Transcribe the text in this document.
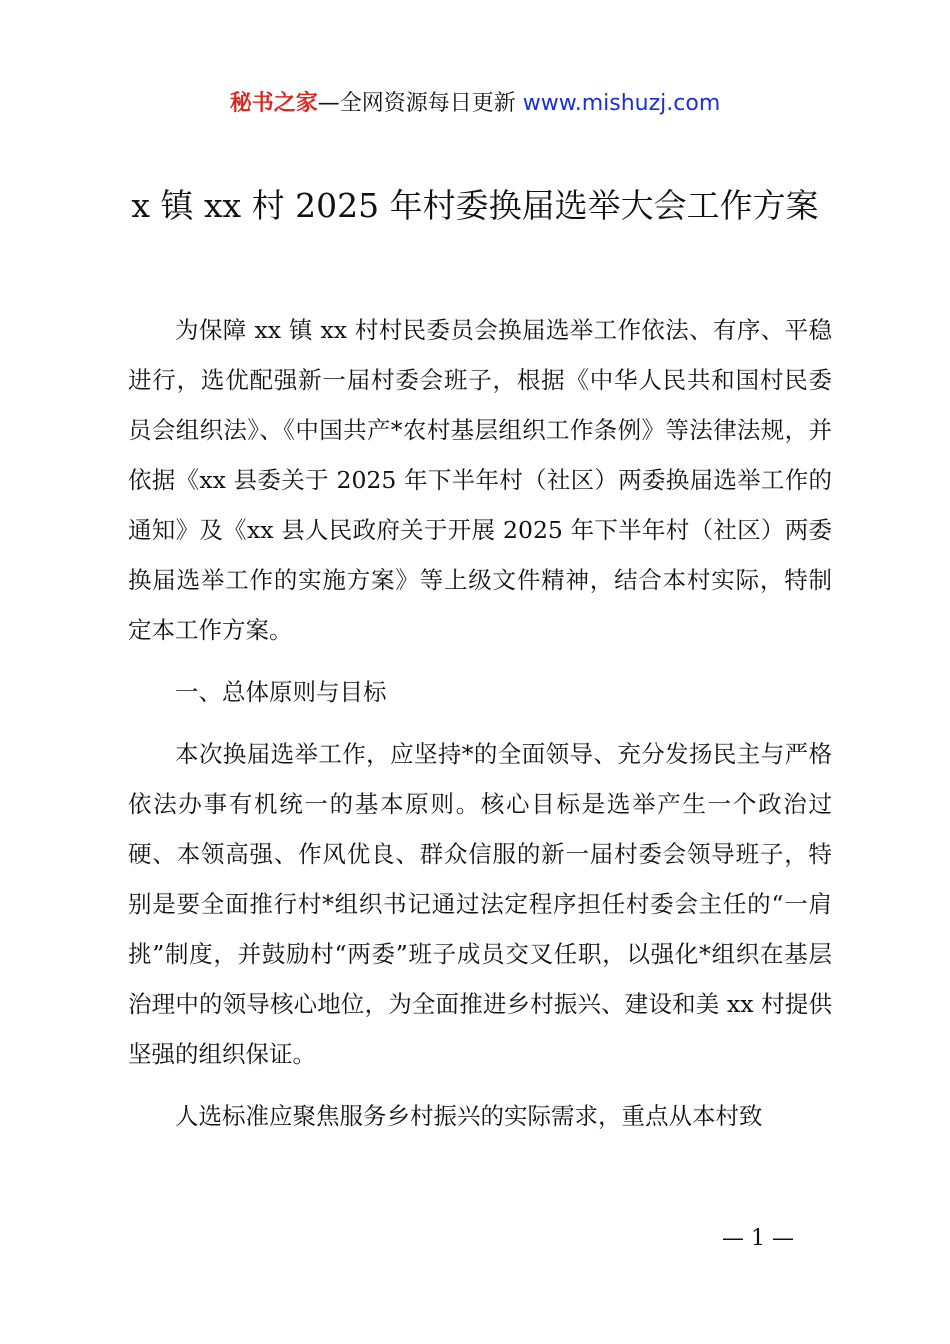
秘书之家—全网资源每日更新 www.mishuzj.com
x 镇 xx 村 2025 年村委换届选举大会工作方案

为保障 xx 镇 xx 村村民委员会换届选举工作依法、有序、平稳进行，选优配强新一届村委会班子，根据《中华人民共和国村民委员会组织法》、《中国共产*农村基层组织工作条例》等法律法规，并依据《xx 县委关于 2025 年下半年村（社区）两委换届选举工作的通知》及《xx 县人民政府关于开展 2025 年下半年村（社区）两委换届选举工作的实施方案》等上级文件精神，结合本村实际，特制定本工作方案。

一、总体原则与目标

本次换届选举工作，应坚持*的全面领导、充分发扬民主与严格依法办事有机统一的基本原则。核心目标是选举产生一个政治过硬、本领高强、作风优良、群众信服的新一届村委会领导班子，特别是要全面推行村*组织书记通过法定程序担任村委会主任的“一肩挑”制度，并鼓励村“两委”班子成员交叉任职，以强化*组织在基层治理中的领导核心地位，为全面推进乡村振兴、建设和美 xx 村提供坚强的组织保证。

人选标准应聚焦服务乡村振兴的实际需求，重点从本村致

— 1 —
